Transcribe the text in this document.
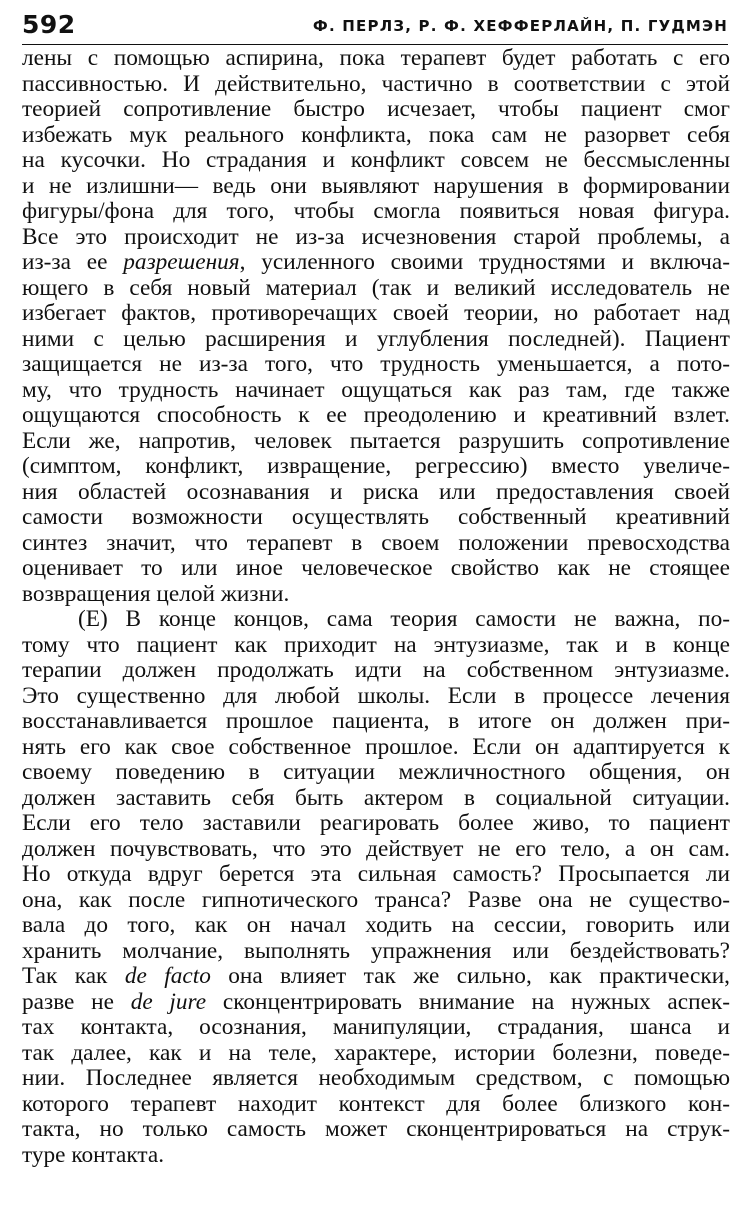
592	Ф. ПЕРЛЗ, Р. Ф. ХЕФФЕРЛАЙН, П. ГУДМЭН
лены с помощью аспирина, пока терапевт будет работать с его
пассивностью. И действительно, частично в соответствии с этой
теорией сопротивление быстро исчезает, чтобы пациент смог
избежать мук реального конфликта, пока сам не разорвет себя
на кусочки. Но страдания и конфликт совсем не бессмысленны
и не излишни— ведь они выявляют нарушения в формировании
фигуры/фона для того, чтобы смогла появиться новая фигура.
Все это происходит не из-за исчезновения старой проблемы, а
из-за ее разрешения, усиленного своими трудностями и включа-
ющего в себя новый материал (так и великий исследователь не
избегает фактов, противоречащих своей теории, но работает над
ними с целью расширения и углубления последней). Пациент
защищается не из-за того, что трудность уменьшается, а пото-
му, что трудность начинает ощущаться как раз там, где также
ощущаются способность к ее преодолению и креативний взлет.
Если же, напротив, человек пытается разрушить сопротивление
(симптом, конфликт, извращение, регрессию) вместо увеличе-
ния областей осознавания и риска или предоставления своей
самости возможности осуществлять собственный креативний
синтез значит, что терапевт в своем положении превосходства
оценивает то или иное человеческое свойство как не стоящее
возвращения целой жизни.
(Е) В конце концов, сама теория самости не важна, по-
тому что пациент как приходит на энтузиазме, так и в конце
терапии должен продолжать идти на собственном энтузиазме.
Это существенно для любой школы. Если в процессе лечения
восстанавливается прошлое пациента, в итоге он должен при-
нять его как свое собственное прошлое. Если он адаптируется к
своему поведению в ситуации межличностного общения, он
должен заставить себя быть актером в социальной ситуации.
Если его тело заставили реагировать более живо, то пациент
должен почувствовать, что это действует не его тело, а он сам.
Но откуда вдруг берется эта сильная самость? Просыпается ли
она, как после гипнотического транса? Разве она не существо-
вала до того, как он начал ходить на сессии, говорить или
хранить молчание, выполнять упражнения или бездействовать?
Так как de facto она влияет так же сильно, как практически,
разве не de jure сконцентрировать внимание на нужных аспек-
тах контакта, осознания, манипуляции, страдания, шанса и
так далее, как и на теле, характере, истории болезни, поведе-
нии. Последнее является необходимым средством, с помощью
которого терапевт находит контекст для более близкого кон-
такта, но только самость может сконцентрироваться на струк-
туре контакта.
